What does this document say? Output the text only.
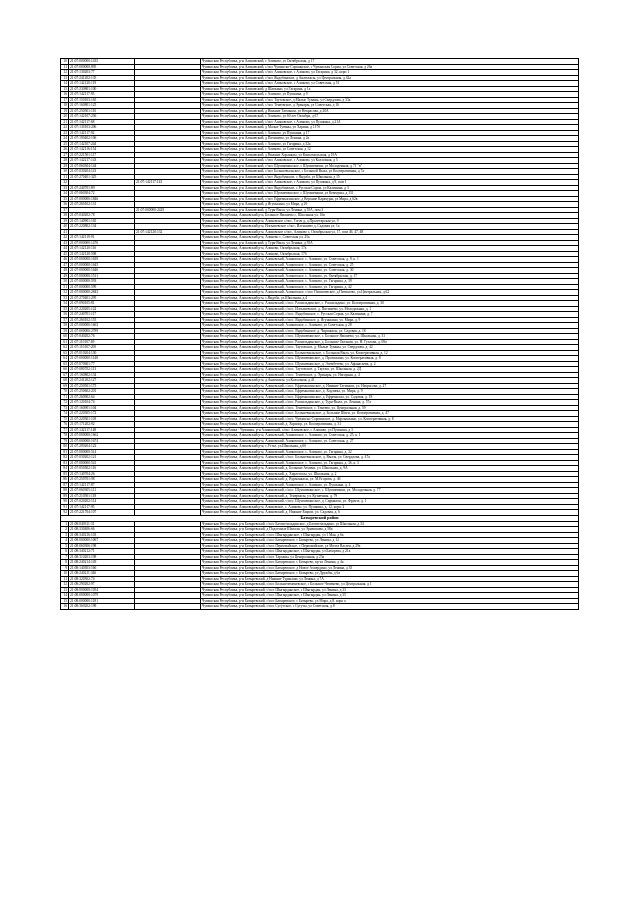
10	21:07:000000:1435		Чувашская Республика, р-н Аликовский, с Аликово, ул Октябрьская, д 17
11	21:07:000000:895		Чувашская Республика, р-н Аликовский, с/пос Чувашско-Сорминское, с Чувашская Сорма, ул Советская, д 26а
12	21:07:130203:77		Чувашская Республика, р-н Аликовский, с/пос Аликовское, с Аликово, ул Гагарина, д 32, корп 1
13	21:07:241202:135		Чувашская Республика, р-н Аликовский, с/пос Яндобинское, д Анатькасы, ул Центральная, д 42а
14	21:07:142120:119		Чувашская Республика, р-н Аликовский, с/пос Аликовское, с Аликово, ул Советская, д 51
15	21:07:230801:100		Чувашская Республика, р-н Аликовский, д Шапкино, ул Гагарина, д 1а
16	21:07:142117:93		Чувашская Республика, р-н Аликовский, с Аликово, ул Пушкина, д 9
17	21:07:150103:165		Чувашская Республика, р-н Аликовский, с/пос Таутовское, д Малые Туваны, ул Свердлова, д 33а
18	21:07:160801:125		Чувашская Республика, р-н Аликовский, с/пос Тенеевское, д Эренары, ул Советская, д 16
19	21:07:250501:110		Чувашская Республика, р-н Аликовский, д Нижние Татмыши, ул Некрасова, д 20А
20	21:07:142107:236		Чувашская Республика, р-н Аликовский, с Аликово, ул 60 лет Октября, д 67
21	21:07:142117:68		Чувашская Республика, р-н Аликовский, с/пос Аликовское, с Аликово, ул Пушкина, д 21А
22	21:07:130103:206		Чувашская Республика, р-н Аликовский, д Малые Туваны, ул Харина, д 117б
23	21:07:142117:92		Чувашская Республика, р-н Аликовский, с Аликово, ул Пушкина, д 17
24	21:07:190402:106		Чувашская Республика, р-н Аликовский, д Питишево, ул Ленина, д 2а
25	21:07:142107:244		Чувашская Республика, р-н Аликовский, с Аликово, ул Гагарина, д 32а
26	21:07:142116:154		Чувашская Республика, р-н Аликовский, с Аликово, ул Советская, д 12
27	21:07:221501:117		Чувашская Республика, р-н Аликовский, д Нижние Хоранялы, ул Комсомольская, д 19А
28	21:07:142217:143		Чувашская Республика, р-н Аликовский, с/пос Аликовское, с Аликово, ул Колхозная, д 5
29	21:07:060304:144		Чувашская Республика, р-н Аликовский, с/пос Шумшевашское, с Шумшеваши, ул Молодежная, д 71 "в"
30	21:07:030204:141		Чувашская Республика, р-н Аликовский, с/пос Большевыльское, с Большой Выла, ул Кооперативная, д 7а
31	21:07:270401:325		Чувашская Республика, р-н Аликовский, с/пос Яндобинское, с Яндоба, ул Школьная, д 15
32		21:07:142117:143	Чувашская Республика, р-н Аликовский, с/пос Аликовское, с Аликово, ул Пушкина, д 9, пом I
33	21:07:240701:89		Чувашская Республика, р-н Аликовский, с/пос Яндобинское, с Русская Сорма, ул Калинина, д 3
34	21:07:060304:72		Чувашская Республика, р-н Аликовский, с/пос Шумшевашское, с Шумшеваши, ул Коммуны, д 131
35	21:07:000000:1846		Чувашская Республика, р-н Аликовский, с/пос Ефремкасинское, д Верхние Карачуры, ул Мира, д 62в
36	21:07:260102:131		Чувашская Республика, р-н Аликовский, д Ягунькино, ул Мира, д 29
37		21:07:000000:2429	Чувашская Республика, р-н Аликовский, д Туря-Выла, ул Ленина, д 55А, пом 3
38	21:07:040202:78		Чувашская Республика, Аликовский р-н, Большое Ямашево с, Школьная ул, 16в
39	21:07:140901:165		Чувашская Республика, Аликовский р-н, Аликовское с/пос, Тогач д, д.Пролетарская ул, 9
40	21:07:220802:134		Чувашская Республика, Аликовский р-н, Илгышевское с/пос, Илгышево д, Садовая ул, 1а
41		21:07:142120:132	Чувашская Республика, Аликовский р-н, Аликовское с/пос, Аликово с, Октябрьская ул, 17, пом 46, 47, 48
42	21:07:142119:91		Чувашская Республика, Аликовский р-н, Аликово с, Советская ул, 25а
43	21:07:000000:1476		Чувашская Республика, р-н Аликовский, д Туря-Выла, ул Ленина, д 55А
44	21:07:142120:116		Чувашская Республика, Аликовский р-н, Аликово, Октябрьская, 17а
45	21:07:142120:508		Чувашская Республика, Аликовский р-н, Аликово, Октябрьская, 17б
46	21:07:000000:1639		Чувашская Республика, Аликовский р-н, Аликовский, Аликовское, с. Аликово, ул. Советская, д. 9, к. 1
47	21:07:000000:1645		Чувашская Республика, Аликовский р-н, Аликовский, Аликовское, с. Аликово, ул. Советская, д. 25
48	21:07:000000:1646		Чувашская Республика, Аликовский р-н, Аликовский, Аликовское, с. Аликово, ул. Советская, д. 30
49	21:07:000000:1511		Чувашская Республика, Аликовский р-н, Аликовский, Аликовское, с. Аликово, ул. Октябрьская, д. 17
50	21:07:000000:593		Чувашская Республика, Аликовский р-н, Аликовский, Аликовское, с. Аликово, ул. Гагарина, д. 39
51	21:07:000000:599		Чувашская Республика, Аликовский р-н, Аликовский, Аликовское, с. Аликово, ул. Гагарина, д. 42
52	21:07:000000:2843		Чувашская Республика, Аликовский р-н, Аликовский, Аликовское, с/пос Питишевское, д.Питишево, ул.Центральная, д.62
53	21:07:270401:295		Чувашская Республика, Аликовский р-н, с.Яндоба, ул.Школьная, д.4
54	21:07:090105:81		Чувашская Республика, Аликовский р-н, Аликовский, с/пос. Раскильдинское, с. Раскильдино, ул. Кооперативная, д. 30
55	21:07:220205:122		Чувашская Республика, Аликовский р-н, Аликовский, с/пос. Илгышевское, д. Питишево, ул. Молодежная, д. 1
56	21:07:240701:117		Чувашская Республика, Аликовский р-н, Аликовский, с/пос. Яндобинское, с. Русская Сорма, ул. Калинина, д. 7
57	21:07:260102:155		Чувашская Республика, Аликовский р-н, Аликовский, с/пос. Яндобинское, д. Ягунькино, ул. Мира, д. 9
58	21:07:000000:1663		Чувашская Республика, Аликовский р-н, Аликовский, Аликовское, с. Аликово, ул Советская, д 28
59	21:07:000000:2789		Чувашская Республика, Аликовский р-н, Аликовский, с/пос. Яндобинское, д. Чиршкасы, ул. Садовая, д. 18
60	21:07:040202:76		Чувашская Республика, Аликовский р-н, Аликовский, с/пос. Шумшевашское, с. Большое Ямашево, ул. Школьная, д. 31
61	21:07:110107:69		Чувашская Республика, Аликовский р-н, Аликовский, с/пос. Раскильдинское, д. Большие Октыши, ул. Н. Гузлова, д. 69а
62	21:07:110107:205		Чувашская Республика, Аликовский р-н, Аликовский, с/пос. Таутовское, д. Малые Туваны, ул. Свердлова, д. 42
63	21:07:010204:130		Чувашская Республика, Аликовский р-н, Аликовский, с/пос. Большевыльское, с. Большая Выла, ул. Кооперативная, д. 12
64	21:07:000000:1148		Чувашская Республика, Аликовский р-н, Аликовский, с/пос. Шумшевашское, д. Пролшкино, ул. Кооперативная, д. 8
65	21:07:070601:77		Чувашская Республика, Аликовский р-н, Аликовский, с/пос. Шумшевашское, д. Элембетево, ул. Афанасьева, д. 2
66	21:07:080702:113		Чувашская Республика, Аликовский р-н, Аликовский, с/пос. Таутовское, д. Тауташ, ул. Школьная, д. 2Д
67	21:07:160802:134		Чувашская Республика, Аликовский р-н, Аликовский, с/пос. Тенеевское, д. Эренары, ул. Нагорная, д. 4
68	21:07:241202:127		Чувашская Республика, Аликовский р-н, д.Анатькасы, ул.Колхозная, д.41
69	21:07:250501:175		Чувашская Республика, Аликовский р-н, Аликовский, с/пос. Ефремкасинское, д. Нижние Татмыши, ул. Некрасова, д. 27
70	21:07:250602:201		Чувашская Республика, Аликовский р-н, Аликовский, с/пос. Ефремкасинское, д. Ходзипы, ул. Мира, д. 9
71	21:07:260902:64		Чувашская Республика, Аликовский р-н, Аликовский, с/пос. Ефремкасинское, д. Ефремкасы, ул. Садовая, д. 18
72	21:07:120104:74		Чувашская Республика, Аликовский р-н, Аликовский, с/пос. Раскильдинское, д. Туря-Выла, ул. Ленина, д. 57а
73	21:07:160901:104		Чувашская Республика, Аликовский р-н, Аликовский, с/пос. Тенеевское, с. Тенеево, ул. Центральная, д. 59
74	21:07:220305:172		Чувашская Республика, Аликовский р-н, Аликовский, с/пос. Большевыльское, д. Большие Шиги, ул. Кооперативная, д. 47
75	21:07:220301:103		Чувашская Республика, Аликовский р-н, Аликовский, с/пос. Чувашско-Сорминское, д. Мартышкино, ул. Кооперативная, д. 8
76	21:07:171202:92		Чувашская Республика, Аликовский р-н, Аликовский, д. Хорнзор, ул. Кооперативная, д. 31
77	21:07:142117:148		Чувашская Республика - Чувашия, р-н Аликовский, с/пос Аликовское, с Аликово, ул Пушкина, д 3
78	21:07:000000:1662		Чувашская Республика, Аликовский р-н, Аликовский, Аликовское, с. Аликово, ул. Советская, д. 25, к. 1
79	21:07:000000:1674		Чувашская Республика, Аликовский р-н, Аликовский, Аликовское, с. Аликово, ул. Советская, д. 27
80	21:07:200204:122		Чувашская Республика, Аликовский р-н, с.Устье, ул.Школьная, д.6б
81	21:07:000000:514		Чувашская Республика, Аликовский р-н, Аликовский, Аликовское, с. Аликово, ул. Гагарина, д. 32
82	21:07:030202:121		Чувашская Республика, Аликовский р-н, Аликовский, с/пос. Большевыльское, д. Вылзя, ул. Свердлова, д. 47а
83	21:07:000000:541		Чувашская Республика, Аликовский р-н, Аликовский, Аликовское, с. Аликово, ул. Гагарина, д. 36, к. 3
84	21:07:050302:116		Чувашская Республика, Аликовский р-н, Аликовский, д. Большие Атмени, ул. Школьная, д. 9А
85	21:07:140704:26		Чувашская Республика, Аликовский р-н, Аликовский, д. Хирлепосы, ул. Школьная, д. 2
86	21:07:250701:98		Чувашская Республика, Аликовский р-н, Аликовский, д. Вурманкасы, ул. М.Егорова, д. 46
87	21:07:142117:87		Чувашская Республика, Аликовский р-н, Аликовский, Аликовское, с. Аликово, ул. Пушкина, д. 4
88	21:07:060305:111		Чувашская Республика, Аликовский р-н, Аликовский, с/пос. Шумшевашское, с. Шумшеваши, ул. Молодежная, д. 77
89	21:07:210501:118		Чувашская Республика, Аликовский р-н, Аликовский, д. Тенеркасы, ул. Кузнечная, д. 79
90	21:07:020202:114		Чувашская Республика, Аликовский р-н, Аликовский, с/пос. Шумшевашское, д. Сирмкасы, ул. Фрунзе, д. 1
91	21:07:142117:95		Чувашская Республика, Аликовский р-н, Аликовское, с. Аликово, ул. Пушкина, д. 12, корп. 2
92	21:07:221704:107		Чувашская Республика, Аликовский р-н, Аликовский, д. Нижние Ещипи, ул. Садовая, д. 6
Батыревский район			
1	21:08:040311:31		Чувашская Республика, р-н Батыревский, с/пос Бахтиггильдинское, д Бахтиггильдино, ул Школьная, д 34
2	21:08:330406:66		Чувашская Республика, р-н Батыревский, д Подлесные Шигали, ул Эрнешкова, д 58а
3	21:08:340216:103		Чувашская Республика, р-н Батыревский, с/пос Шыгырданское, с Шыгырдан, ул 1 Мая, д 6а
4	21:08:000000:1067		Чувашская Республика, р-н Батыревский, с/пос Батыревское, с Батырево, ул Ленина, д 12
5	21:08:060306:198		Чувашская Республика, р-н Батыревский, с/пос Первомайское, с Первомайское, ул Митта Васлея, д 29а
6	21:08:340212:71		Чувашская Республика, р-н Батыревский, с/пос Шыгырданское, с Шыгырдан, ул Батырева, д 21а
7	21:08:310203:198		Чувашская Республика, р-н Батыревский, с/пос Тарханы, ул Центральная, д 23а
8	21:08:240214:149		Чувашская Республика, р-н Батыревский, с/пос Батыревское, с Батырево, пр-кт Ленина, д 4а
9	21:08:140303:166		Чувашская Республика, р-н Батыревский, с/пос Батыревское, д Новое Ахпердино, ул Ленина, д 35
10	21:08:240211:346		Чувашская Республика, р-н Батыревский, с/пос Батыревское, с Батырево, ул Дружбы, д 6а
11	21:08:320302:74		Чувашская Республика, р-н Батыревский, д Нижние Турмыши, ул Ленина, д 7А
12	21:08:290202:97		Чувашская Республика, р-н Батыревский, с/пос Большечеменевское, с Большое Чеменево, ул Центральная, д 1
13	21:08:000000:1054		Чувашская Республика, р-н Батыревский, с/пос Шыгырданское, с Шыгырдан, ул Ленина, д 33
14	21:08:000000:1079		Чувашская Республика, р-н Батыревский, с/пос Шыгырданское, с Шыгырдан, ул Ленина, д 35
15	21:08:000000:1181		Чувашская Республика, р-н Батыревский, с/пос Батыревское, с Батырево, ул Мира, д 8, корп а
16	21:08:360202:198		Чувашская Республика, р-н Батыревский, с/пос Сугутское, с Сугуты, ул Советская, д 8
